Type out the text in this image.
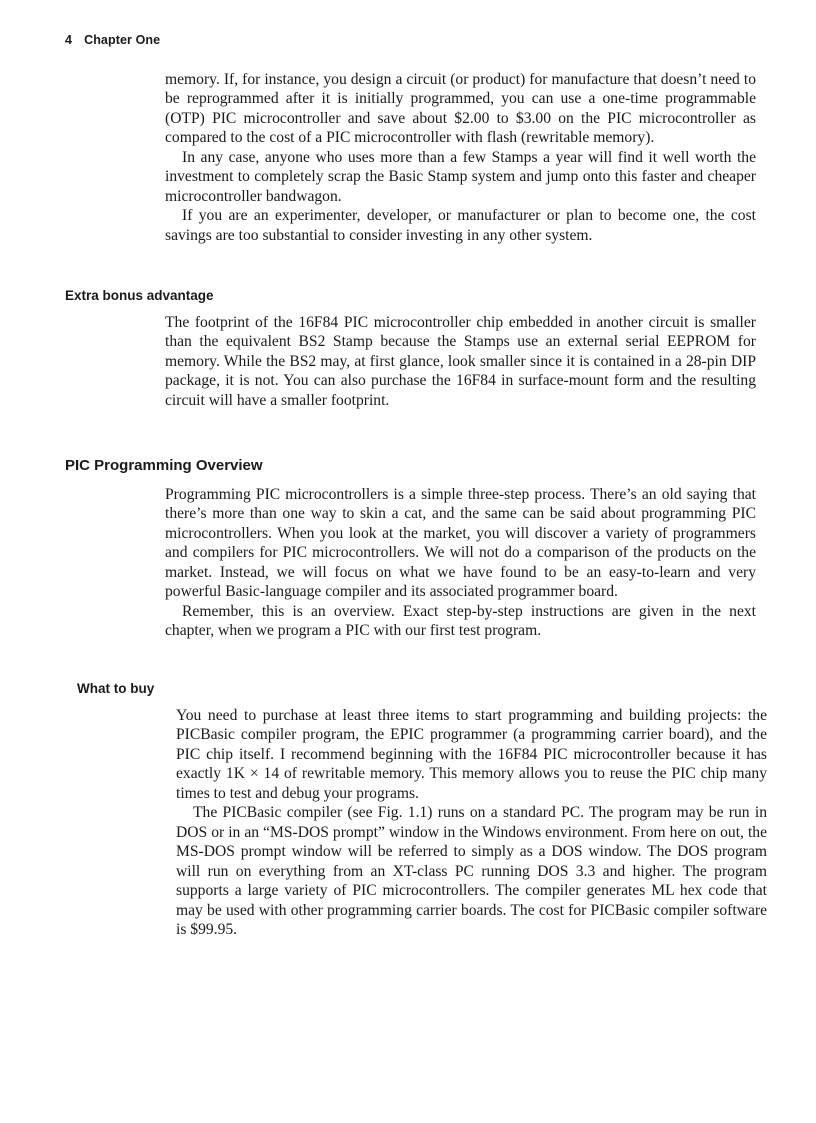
4 Chapter One

memory. If, for instance, you design a circuit (or product) for manufacture that doesn’t need to be reprogrammed after it is initially programmed, you can use a one-time programmable (OTP) PIC microcontroller and save about $2.00 to $3.00 on the PIC microcontroller as compared to the cost of a PIC microcontroller with flash (rewritable memory).

In any case, anyone who uses more than a few Stamps a year will find it well worth the investment to completely scrap the Basic Stamp system and jump onto this faster and cheaper microcontroller bandwagon.

If you are an experimenter, developer, or manufacturer or plan to become one, the cost savings are too substantial to consider investing in any other system.

Extra bonus advantage

The footprint of the 16F84 PIC microcontroller chip embedded in another circuit is smaller than the equivalent BS2 Stamp because the Stamps use an external serial EEPROM for memory. While the BS2 may, at first glance, look smaller since it is contained in a 28-pin DIP package, it is not. You can also purchase the 16F84 in surface-mount form and the resulting circuit will have a smaller footprint.

PIC Programming Overview

Programming PIC microcontrollers is a simple three-step process. There’s an old saying that there’s more than one way to skin a cat, and the same can be said about programming PIC microcontrollers. When you look at the market, you will discover a variety of programmers and compilers for PIC microcontrollers. We will not do a comparison of the products on the market. Instead, we will focus on what we have found to be an easy-to-learn and very powerful Basic-language compiler and its associated programmer board.

Remember, this is an overview. Exact step-by-step instructions are given in the next chapter, when we program a PIC with our first test program.

What to buy

You need to purchase at least three items to start programming and building projects: the PICBasic compiler program, the EPIC programmer (a programming carrier board), and the PIC chip itself. I recommend beginning with the 16F84 PIC microcontroller because it has exactly 1K × 14 of rewritable memory. This memory allows you to reuse the PIC chip many times to test and debug your programs.

The PICBasic compiler (see Fig. 1.1) runs on a standard PC. The program may be run in DOS or in an “MS-DOS prompt” window in the Windows environment. From here on out, the MS-DOS prompt window will be referred to simply as a DOS window. The DOS program will run on everything from an XT-class PC running DOS 3.3 and higher. The program supports a large variety of PIC microcontrollers. The compiler generates ML hex code that may be used with other programming carrier boards. The cost for PICBasic compiler software is $99.95.
